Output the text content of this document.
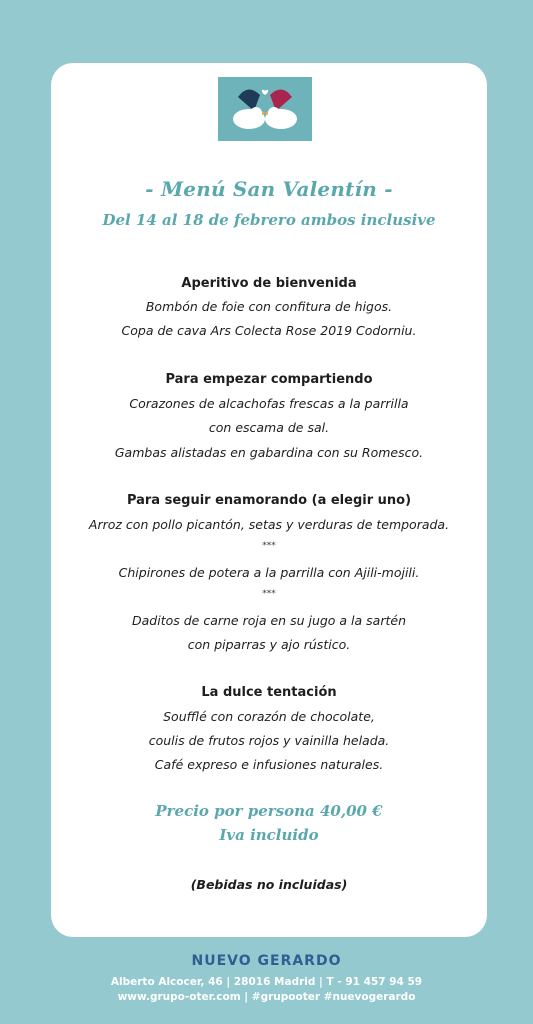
- Menú San Valentín -
Del 14 al 18 de febrero ambos inclusive
Aperitivo de bienvenida
Bombón de foie con confitura de higos.
Copa de cava Ars Colecta Rose 2019 Codorniu.
Para empezar compartiendo
Corazones de alcachofas frescas a la parrilla
con escama de sal.
Gambas alistadas en gabardina con su Romesco.
Para seguir enamorando (a elegir uno)
Arroz con pollo picantón, setas y verduras de temporada.
***
Chipirones de potera a la parrilla con Ajili-mojili.
***
Daditos de carne roja en su jugo a la sartén
con piparras y ajo rústico.
La dulce tentación
Soufflé con corazón de chocolate,
coulis de frutos rojos y vainilla helada.
Café expreso e infusiones naturales.
Precio por persona 40,00 €
Iva incluido
(Bebidas no incluidas)
NUEVO GERARDO
Alberto Alcocer, 46 | 28016 Madrid | T - 91 457 94 59
www.grupo-oter.com | #grupooter #nuevogerardo
